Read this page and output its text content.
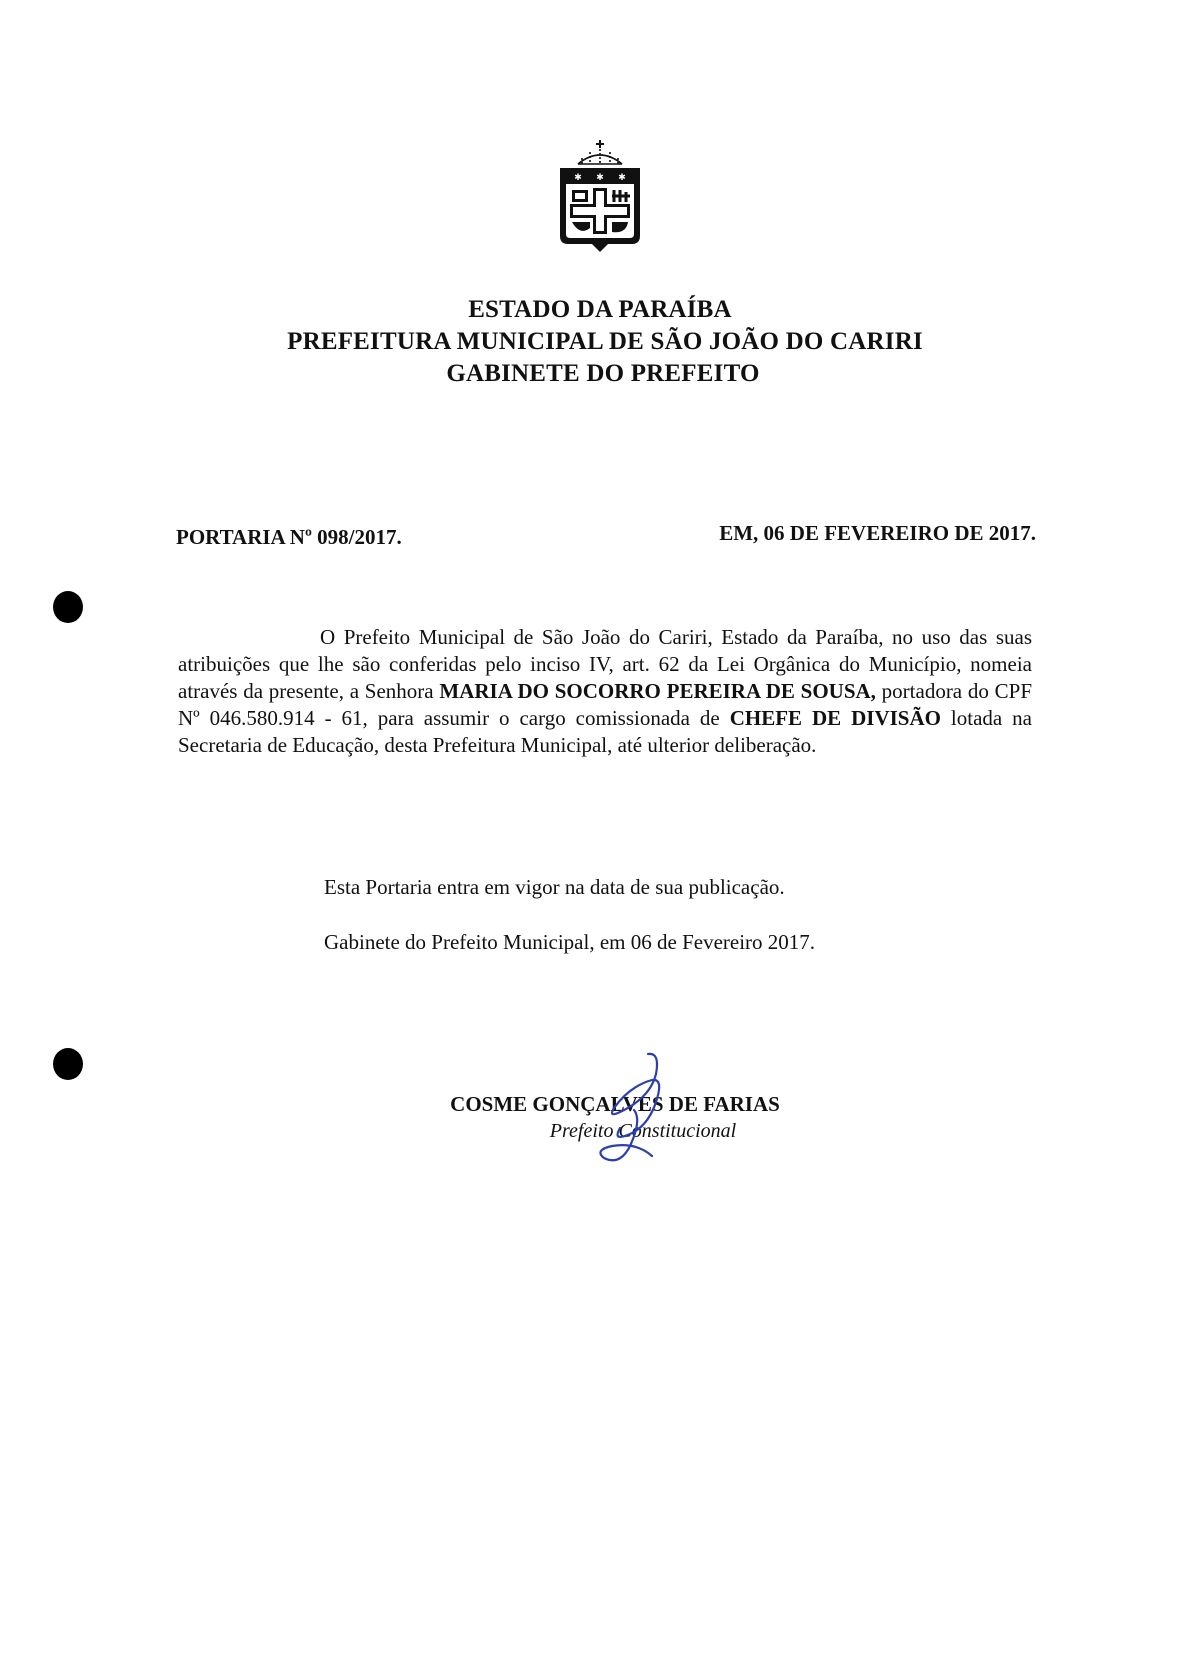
✱ ✱ ✱
ESTADO DA PARAÍBA
PREFEITURA MUNICIPAL DE SÃO JOÃO DO CARIRI
GABINETE DO PREFEITO
PORTARIA Nº 098/2017.	EM, 06 DE FEVEREIRO DE 2017.

O Prefeito Municipal de São João do Cariri, Estado da Paraíba, no uso das suas atribuições que lhe são conferidas pelo inciso IV, art. 62 da Lei Orgânica do Município, nomeia através da presente, a Senhora MARIA DO SOCORRO PEREIRA DE SOUSA, portadora do CPF Nº 046.580.914 - 61, para assumir o cargo comissionada de CHEFE DE DIVISÃO lotada na Secretaria de Educação, desta Prefeitura Municipal, até ulterior deliberação.

Esta Portaria entra em vigor na data de sua publicação.
Gabinete do Prefeito Municipal, em 06 de Fevereiro 2017.
COSME GONÇALVES DE FARIAS
Prefeito Constitucional
